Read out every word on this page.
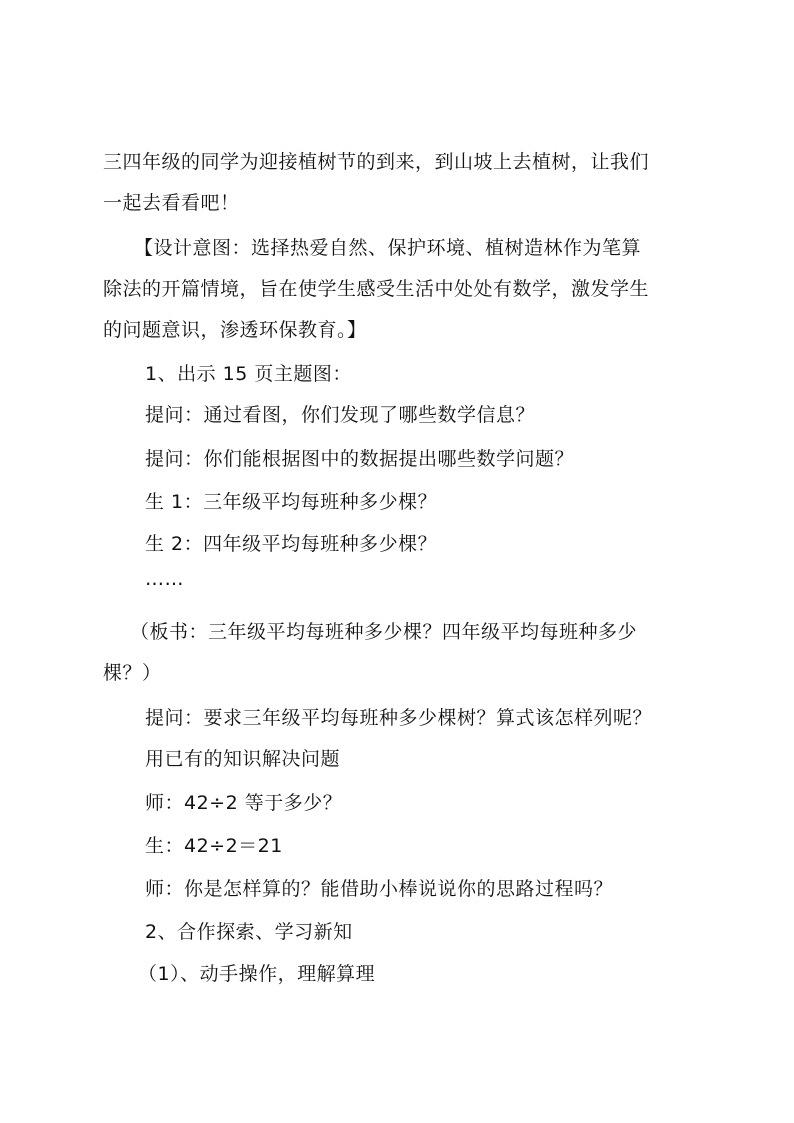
三四年级的同学为迎接植树节的到来，到山坡上去植树，让我们
一起去看看吧！
【设计意图：选择热爱自然、保护环境、植树造林作为笔算
除法的开篇情境，旨在使学生感受生活中处处有数学，激发学生
的问题意识，渗透环保教育。】
1、出示 15 页主题图：
提问：通过看图，你们发现了哪些数学信息？
提问：你们能根据图中的数据提出哪些数学问题？
生 1：三年级平均每班种多少棵？
生 2：四年级平均每班种多少棵？
……
（板书：三年级平均每班种多少棵？四年级平均每班种多少
棵？）
提问：要求三年级平均每班种多少棵树？算式该怎样列呢？
用已有的知识解决问题
师：42÷2 等于多少？
生：42÷2＝21
师：你是怎样算的？能借助小棒说说你的思路过程吗？
2、合作探索、学习新知
（1）、动手操作，理解算理
